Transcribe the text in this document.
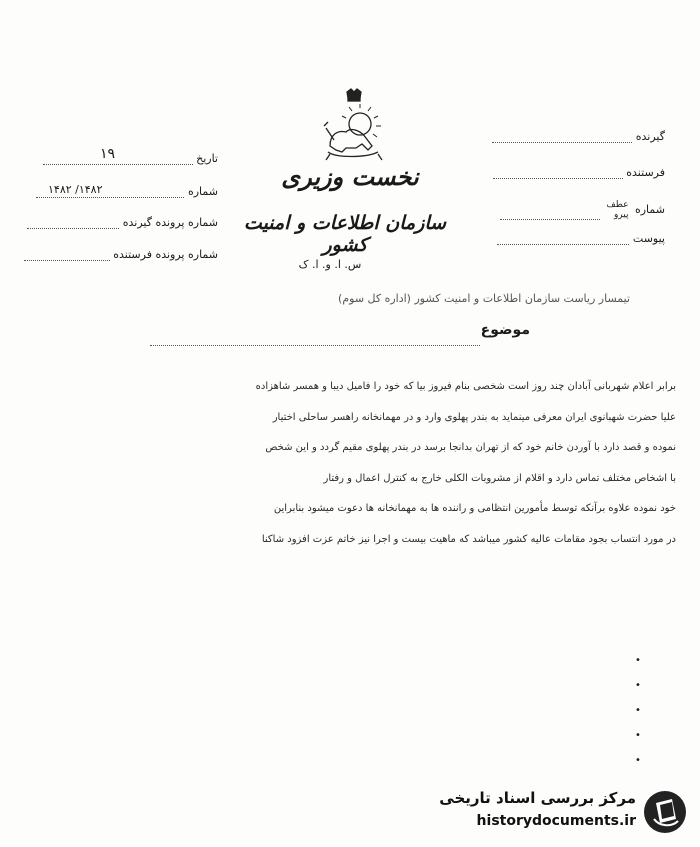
تاریخ
۱۹
شماره
۱۴۸۲/ ۱۴۸۲
شماره پرونده گیرنده
شماره پرونده فرستنده
گیرنده
فرستنده
شماره
عطف
پیرو

پیوست
نخست وزیری
سازمان اطلاعات و امنیت کشور
س. ا. و. ا. ک
تیمسار ریاست سازمان اطلاعات و امنیت کشور (اداره کل سوم)
موضوع

برابر اعلام شهربانی آبادان چند روز است شخصی بنام فیروز بیا که خود را فامیل دیبا و همسر شاهزاده

علیا حضرت شهبانوی ایران معرفی مینماید به بندر پهلوی وارد و در مهمانخانه راهسر ساحلی اختیار

نموده و قصد دارد با آوردن خانم خود که از تهران بدانجا برسد در بندر پهلوی مقیم گردد و این شخص

با اشخاص مختلف تماس دارد و اقلام از مشروبات الکلی خارج به کنترل اعمال و رفتار

خود نموده علاوه برآنکه توسط مأمورین انتظامی و راننده ها به مهمانخانه ها دعوت میشود بنابراین

در مورد انتساب بجود مقامات عالیه کشور میباشد که ماهیت بیست و اجرا نیز خاتم عزت افزود شاکنا

•
•
•
•
•
مرکز بررسی اسناد تاریخی
historydocuments.ir
